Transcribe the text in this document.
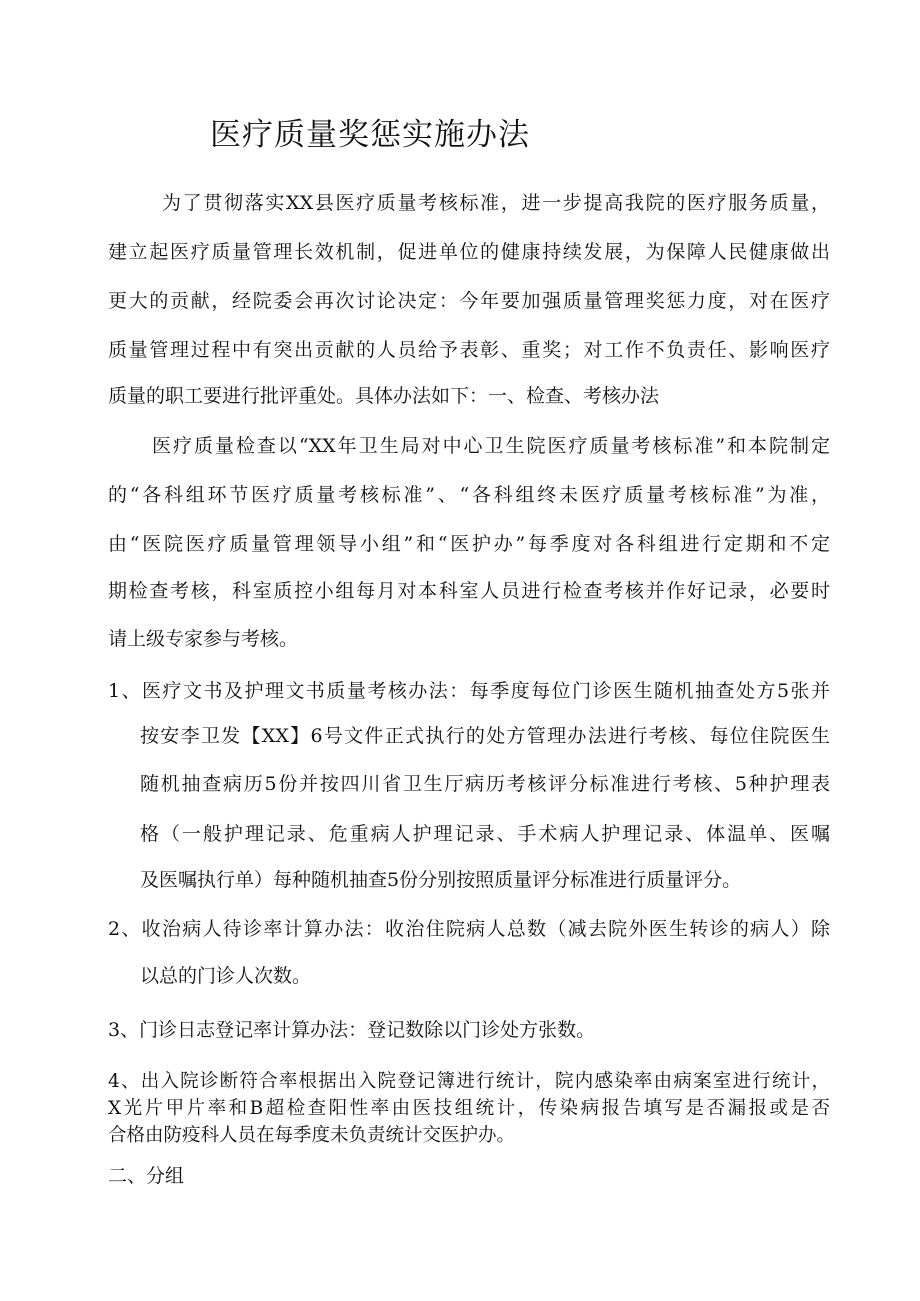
医疗质量奖惩实施办法
为了贯彻落实XX县医疗质量考核标准，进一步提高我院的医疗服务质量，
建立起医疗质量管理长效机制，促进单位的健康持续发展，为保障人民健康做出
更大的贡献，经院委会再次讨论决定：今年要加强质量管理奖惩力度，对在医疗
质量管理过程中有突出贡献的人员给予表彰、重奖；对工作不负责任、影响医疗
质量的职工要进行批评重处。具体办法如下：一、检查、考核办法
医疗质量检查以“XX年卫生局对中心卫生院医疗质量考核标准”和本院制定
的“各科组环节医疗质量考核标准”、“各科组终未医疗质量考核标准”为准，
由“医院医疗质量管理领导小组”和“医护办”每季度对各科组进行定期和不定
期检查考核，科室质控小组每月对本科室人员进行检查考核并作好记录，必要时
请上级专家参与考核。
1、医疗文书及护理文书质量考核办法：每季度每位门诊医生随机抽查处方5张并
按安李卫发【XX】6号文件正式执行的处方管理办法进行考核、每位住院医生
随机抽查病历5份并按四川省卫生厅病历考核评分标准进行考核、5种护理表
格（一般护理记录、危重病人护理记录、手术病人护理记录、体温单、医嘱
及医嘱执行单）每种随机抽查5份分别按照质量评分标准进行质量评分。
2、收治病人待诊率计算办法：收治住院病人总数（减去院外医生转诊的病人）除
以总的门诊人次数。
3、门诊日志登记率计算办法：登记数除以门诊处方张数。
4、出入院诊断符合率根据出入院登记簿进行统计，院内感染率由病案室进行统计，
X光片甲片率和B超检查阳性率由医技组统计，传染病报告填写是否漏报或是否
合格由防疫科人员在每季度未负责统计交医护办。
二、分组
